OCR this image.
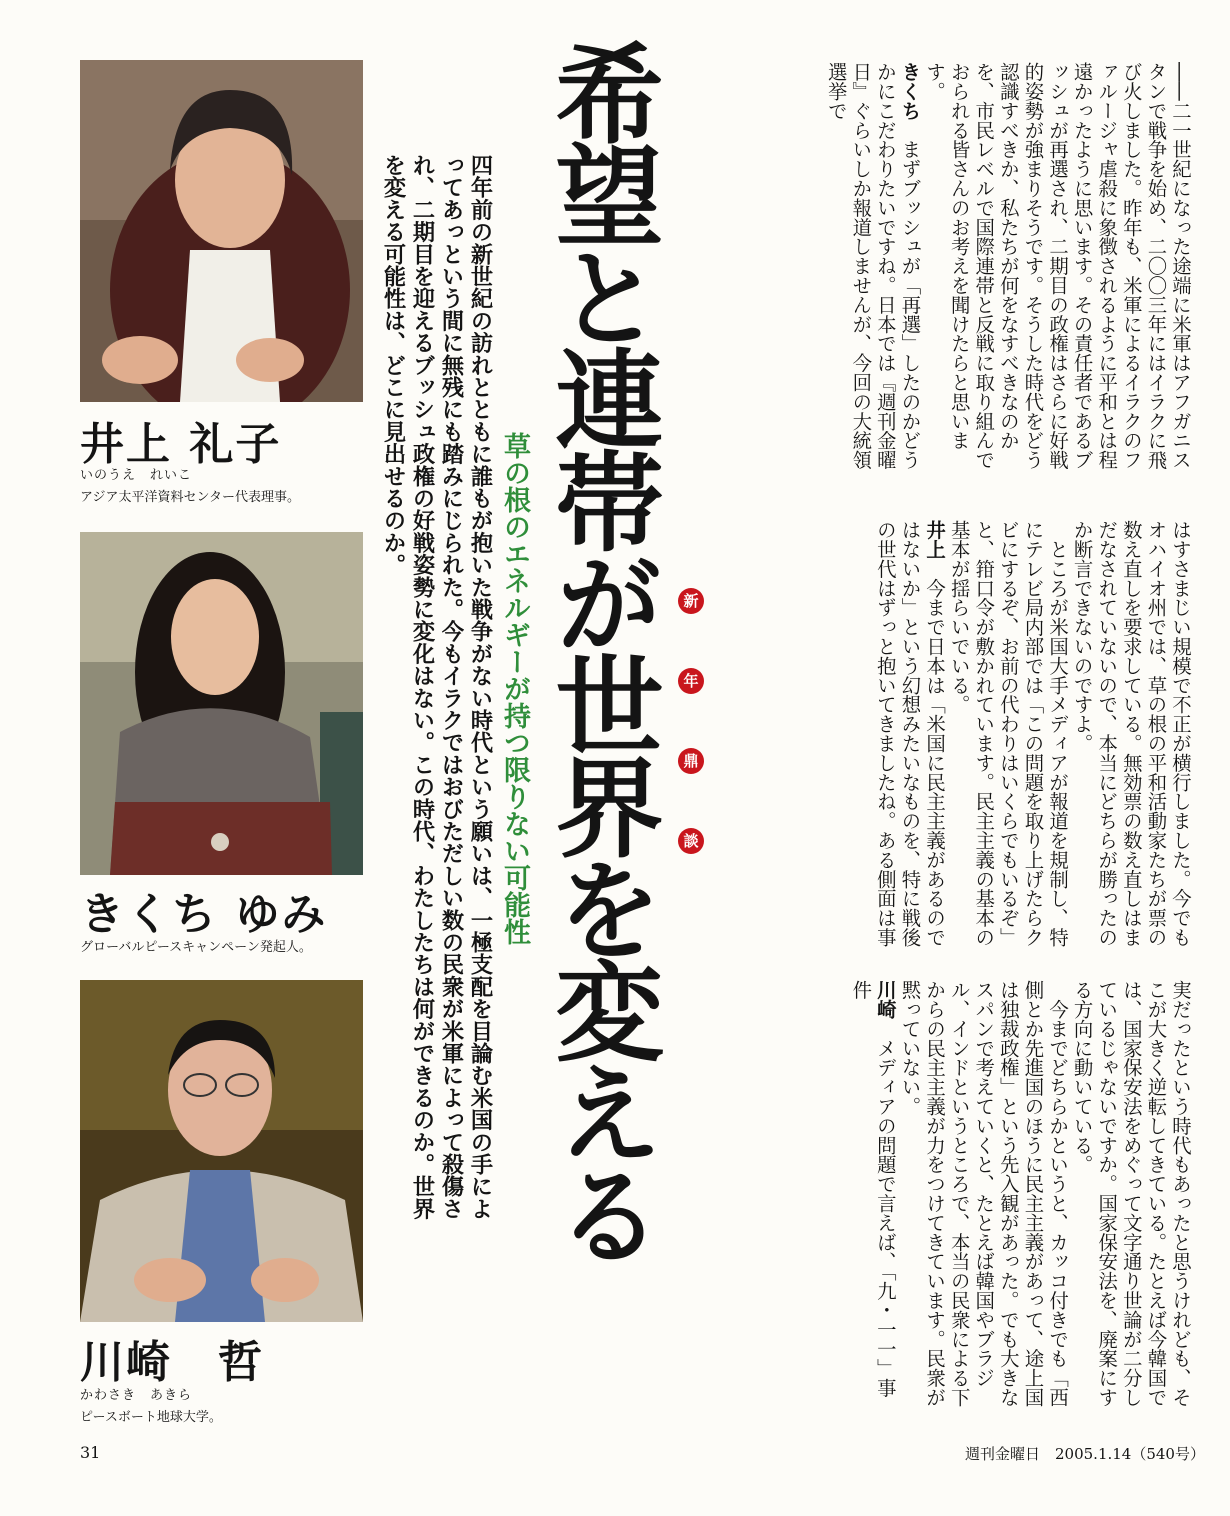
井上 礼子
いのうえ　れいこ
アジア太平洋資料センター代表理事。
きくち ゆみ
グローバルピースキャンペーン発起人。
川崎　哲
かわさき　あきら
ピースボート地球大学。
四年前の新世紀の訪れとともに誰もが抱いた戦争がない時代という願いは、一極支配を目論む米国の手によってあっという間に無残にも踏みにじられた。今もイラクではおびただしい数の民衆が米軍によって殺傷され、二期目を迎えるブッシュ政権の好戦姿勢に変化はない。この時代、わたしたちは何ができるのか。世界を変える可能性は、どこに見出せるのか。
草の根のエネルギーが持つ限りない可能性 希望と連帯が世界を変える	新
年
鼎
談
――二一世紀になった途端に米軍はアフガニスタンで戦争を始め、二〇〇三年にはイラクに飛び火しました。昨年も、米軍によるイラクのファルージャ虐殺に象徴されるように平和とは程遠かったように思います。その責任者であるブッシュが再選され、二期目の政権はさらに好戦的姿勢が強まりそうです。そうした時代をどう認識すべきか、私たちが何をなすべきなのかを、市民レベルで国際連帯と反戦に取り組んでおられる皆さんのお考えを聞けたらと思います。
きくち　まずブッシュが「再選」したのかどうかにこだわりたいですね。日本では『週刊金曜日』ぐらいしか報道しませんが、今回の大統領選挙で
はすさまじい規模で不正が横行しました。今でもオハイオ州では、草の根の平和活動家たちが票の数え直しを要求している。無効票の数え直しはまだなされていないので、本当にどちらが勝ったのか断言できないのですよ。
　ところが米国大手メディアが報道を規制し、特にテレビ局内部では「この問題を取り上げたらクビにするぞ、お前の代わりはいくらでもいるぞ」と、箝口令が敷かれています。民主主義の基本の基本が揺らいでいる。
井上　今まで日本は「米国に民主主義があるのではないか」という幻想みたいなものを、特に戦後の世代はずっと抱いてきましたね。ある側面は事
実だったという時代もあったと思うけれども、そこが大きく逆転してきている。たとえば今韓国では、国家保安法をめぐって文字通り世論が二分しているじゃないですか。国家保安法を、廃案にする方向に動いている。
　今までどちらかというと、カッコ付きでも「西側とか先進国のほうに民主主義があって、途上国は独裁政権」という先入観があった。でも大きなスパンで考えていくと、たとえば韓国やブラジル、インドというところで、本当の民衆による下からの民主主義が力をつけてきています。民衆が黙っていない。
川崎　メディアの問題で言えば、「九・一一」事件
31	週刊金曜日　2005.1.14（540号）
